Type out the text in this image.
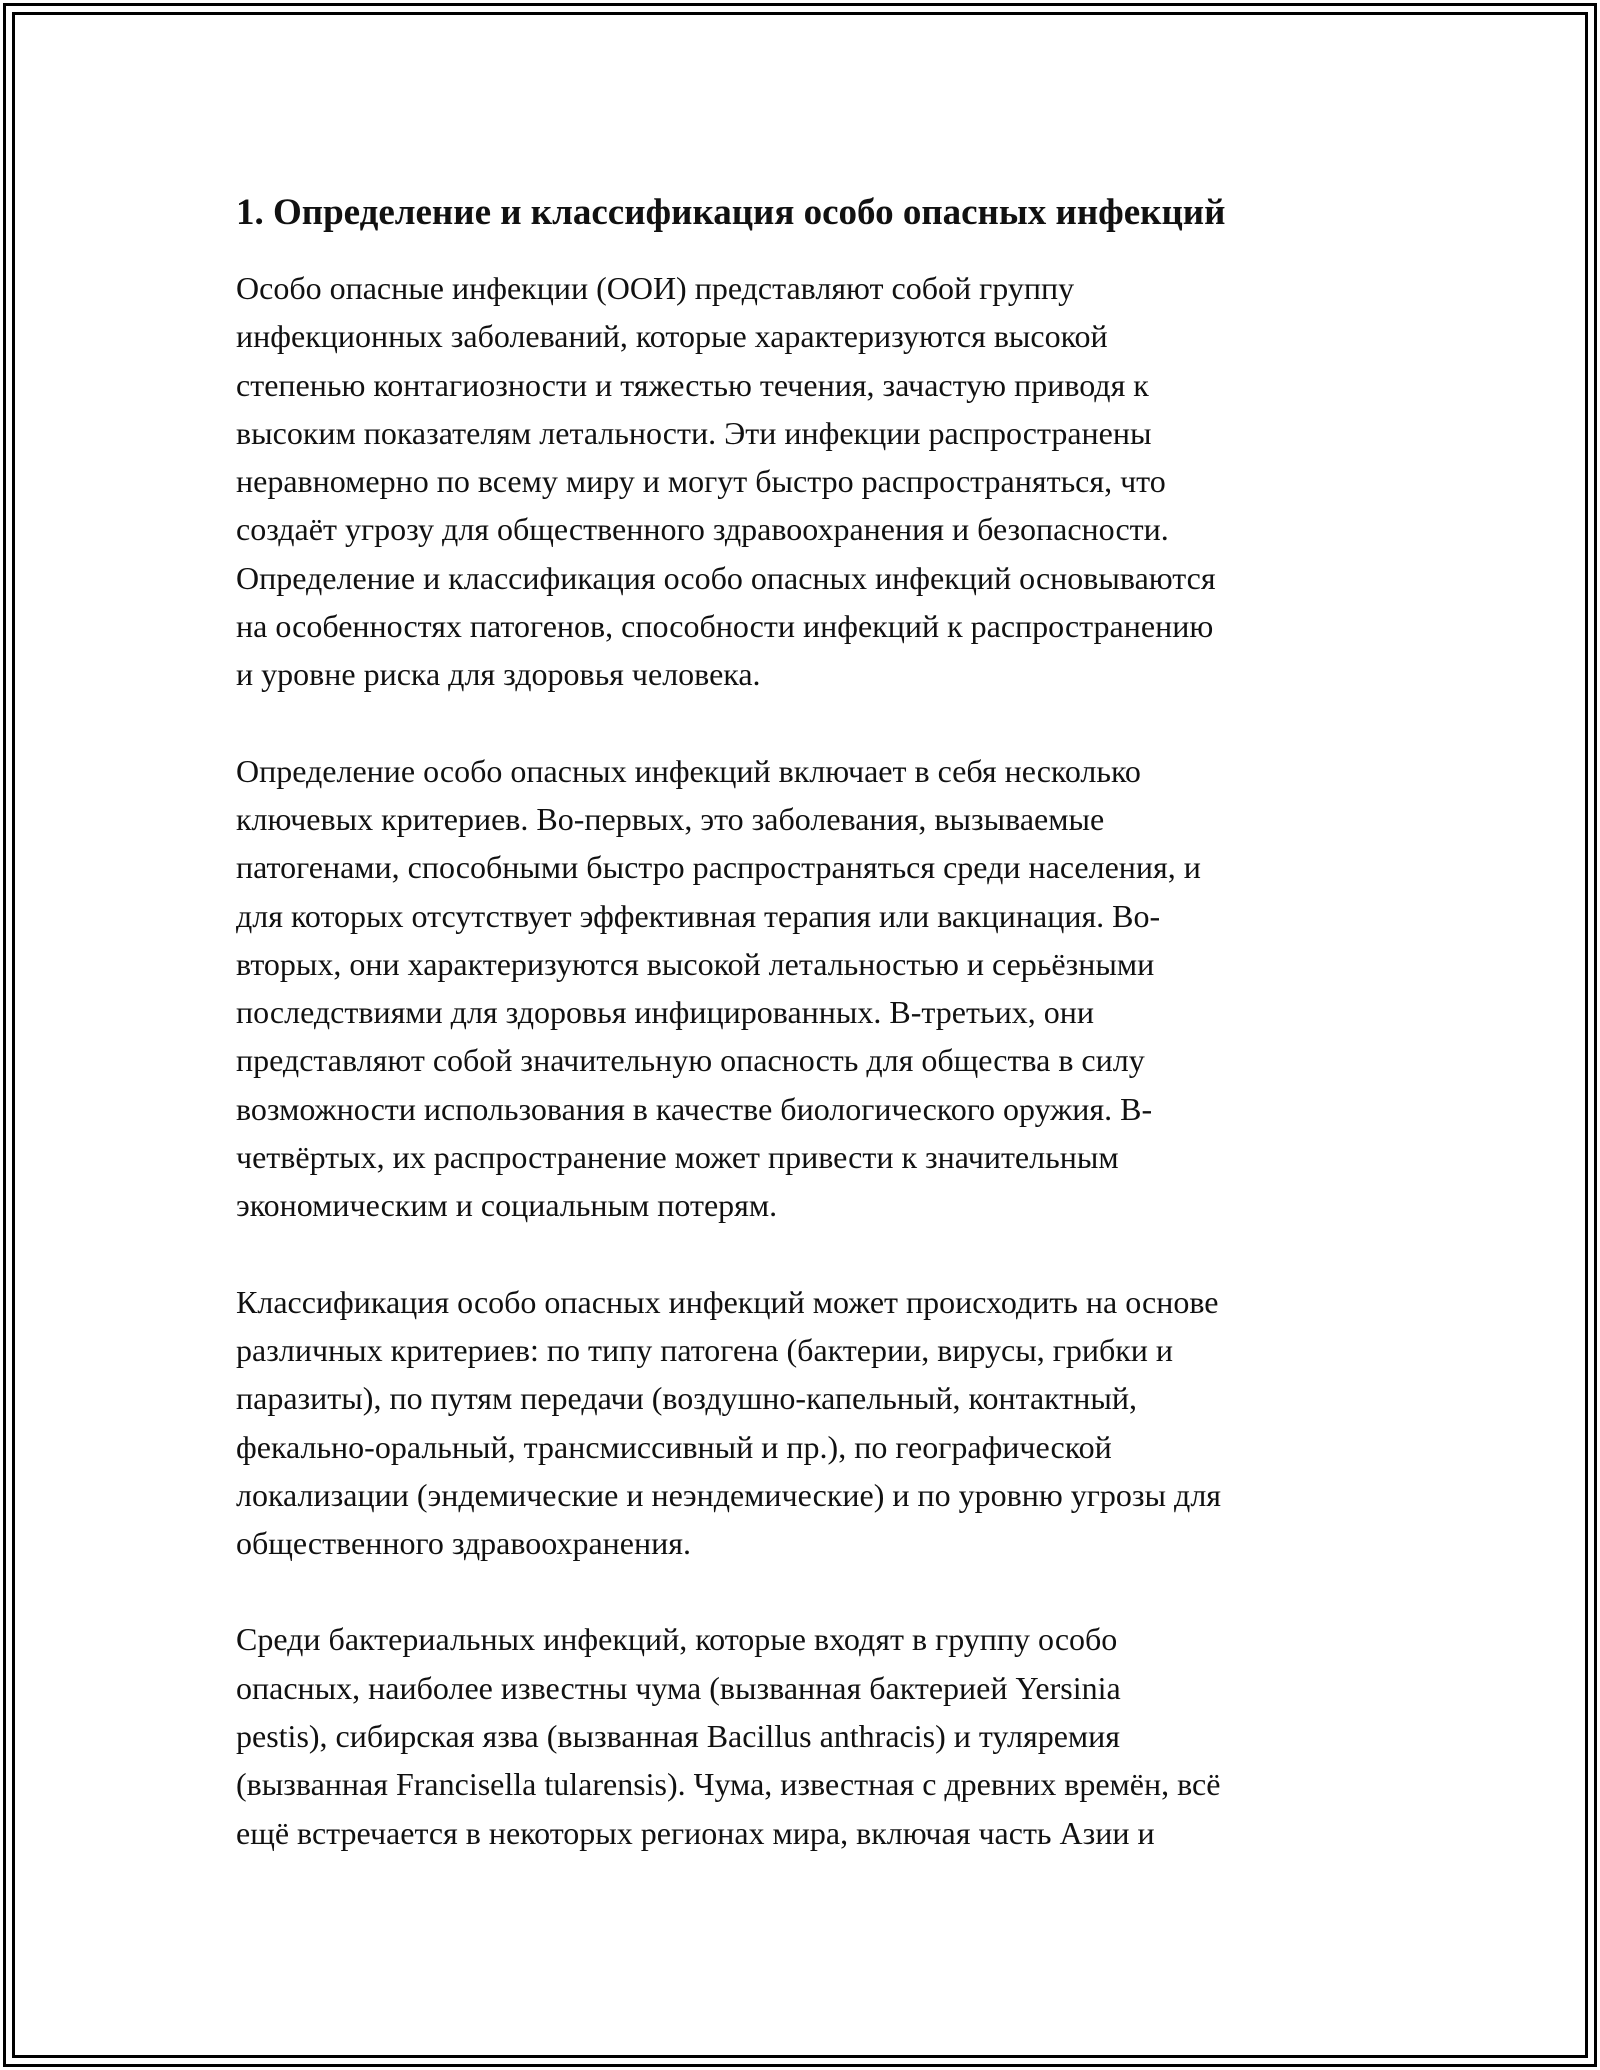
1. Определение и классификация особо опасных инфекций
Особо опасные инфекции (ООИ) представляют собой группу
инфекционных заболеваний, которые характеризуются высокой
степенью контагиозности и тяжестью течения, зачастую приводя к
высоким показателям летальности. Эти инфекции распространены
неравномерно по всему миру и могут быстро распространяться, что
создаёт угрозу для общественного здравоохранения и безопасности.
Определение и классификация особо опасных инфекций основываются
на особенностях патогенов, способности инфекций к распространению
и уровне риска для здоровья человека.
Определение особо опасных инфекций включает в себя несколько
ключевых критериев. Во-первых, это заболевания, вызываемые
патогенами, способными быстро распространяться среди населения, и
для которых отсутствует эффективная терапия или вакцинация. Во-
вторых, они характеризуются высокой летальностью и серьёзными
последствиями для здоровья инфицированных. В-третьих, они
представляют собой значительную опасность для общества в силу
возможности использования в качестве биологического оружия. В-
четвёртых, их распространение может привести к значительным
экономическим и социальным потерям.
Классификация особо опасных инфекций может происходить на основе
различных критериев: по типу патогена (бактерии, вирусы, грибки и
паразиты), по путям передачи (воздушно-капельный, контактный,
фекально-оральный, трансмиссивный и пр.), по географической
локализации (эндемические и неэндемические) и по уровню угрозы для
общественного здравоохранения.
Среди бактериальных инфекций, которые входят в группу особо
опасных, наиболее известны чума (вызванная бактерией Yersinia
pestis), сибирская язва (вызванная Bacillus anthracis) и туляремия
(вызванная Francisella tularensis). Чума, известная с древних времён, всё
ещё встречается в некоторых регионах мира, включая часть Азии и
